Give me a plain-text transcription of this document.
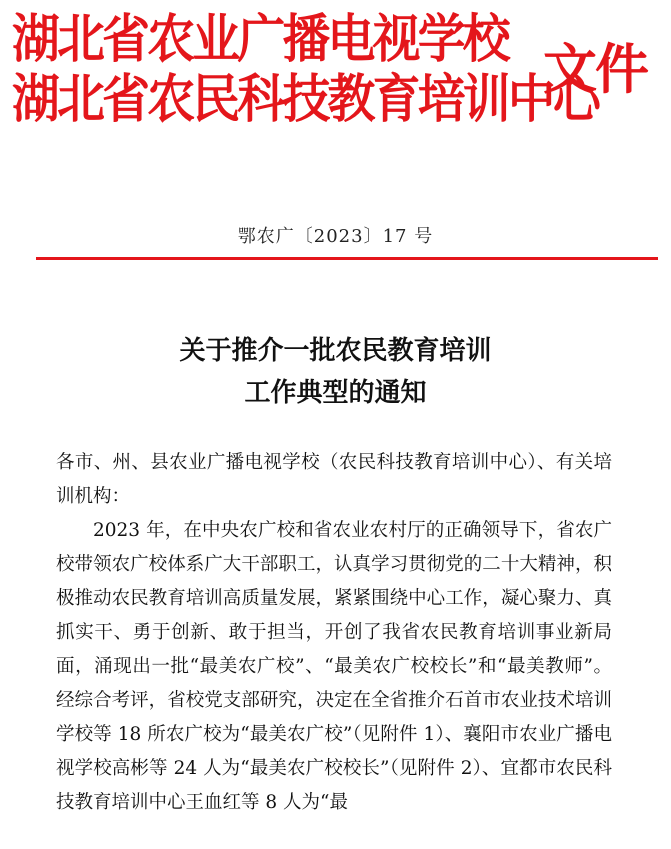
湖北省农业广播电视学校
湖北省农民科技教育培训中心
文件
鄂农广〔2023〕17 号
关于推介一批农民教育培训
工作典型的通知

各市、州、县农业广播电视学校（农民科技教育培训中心）、有关培训机构：

2023 年，在中央农广校和省农业农村厅的正确领导下，省农广校带领农广校体系广大干部职工，认真学习贯彻党的二十大精神，积极推动农民教育培训高质量发展，紧紧围绕中心工作，凝心聚力、真抓实干、勇于创新、敢于担当，开创了我省农民教育培训事业新局面，涌现出一批“最美农广校”、“最美农广校校长”和“最美教师”。经综合考评，省校党支部研究，决定在全省推介石首市农业技术培训学校等 18 所农广校为“最美农广校”（见附件 1）、襄阳市农业广播电视学校高彬等 24 人为“最美农广校校长”（见附件 2）、宜都市农民科技教育培训中心王血红等 8 人为“最
